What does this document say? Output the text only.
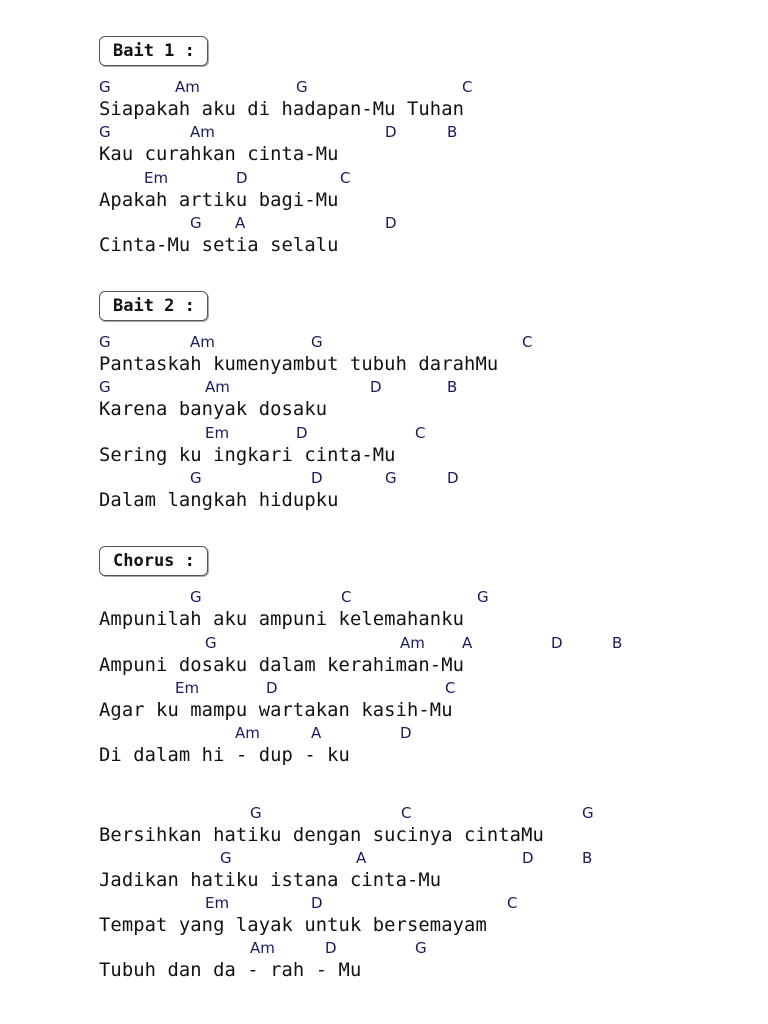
Bait 1 :
G	Am	G	C
Siapakah aku di hadapan-Mu Tuhan
G	Am	D	B
Kau curahkan cinta-Mu
Em	D	C
Apakah artiku bagi-Mu
G A	D
Cinta-Mu setia selalu
Bait 2 :
G	Am	G	C
Pantaskah kumenyambut tubuh darahMu
G	Am	D	B
Karena banyak dosaku
Em	D	C
Sering ku ingkari cinta-Mu
G	D	G	D
Dalam langkah hidupku
Chorus :
G	C	G
Ampunilah aku ampuni kelemahanku
G	Am A	D	B
Ampuni dosaku dalam kerahiman-Mu
Em	D	C
Agar ku mampu wartakan kasih-Mu
Am	A	D
Di dalam hi - dup - ku
G	C	G
Bersihkan hatiku dengan sucinya cintaMu
G	A	D	B
Jadikan hatiku istana cinta-Mu
Em	D	C
Tempat yang layak untuk bersemayam
Am	D	G
Tubuh dan da - rah - Mu
